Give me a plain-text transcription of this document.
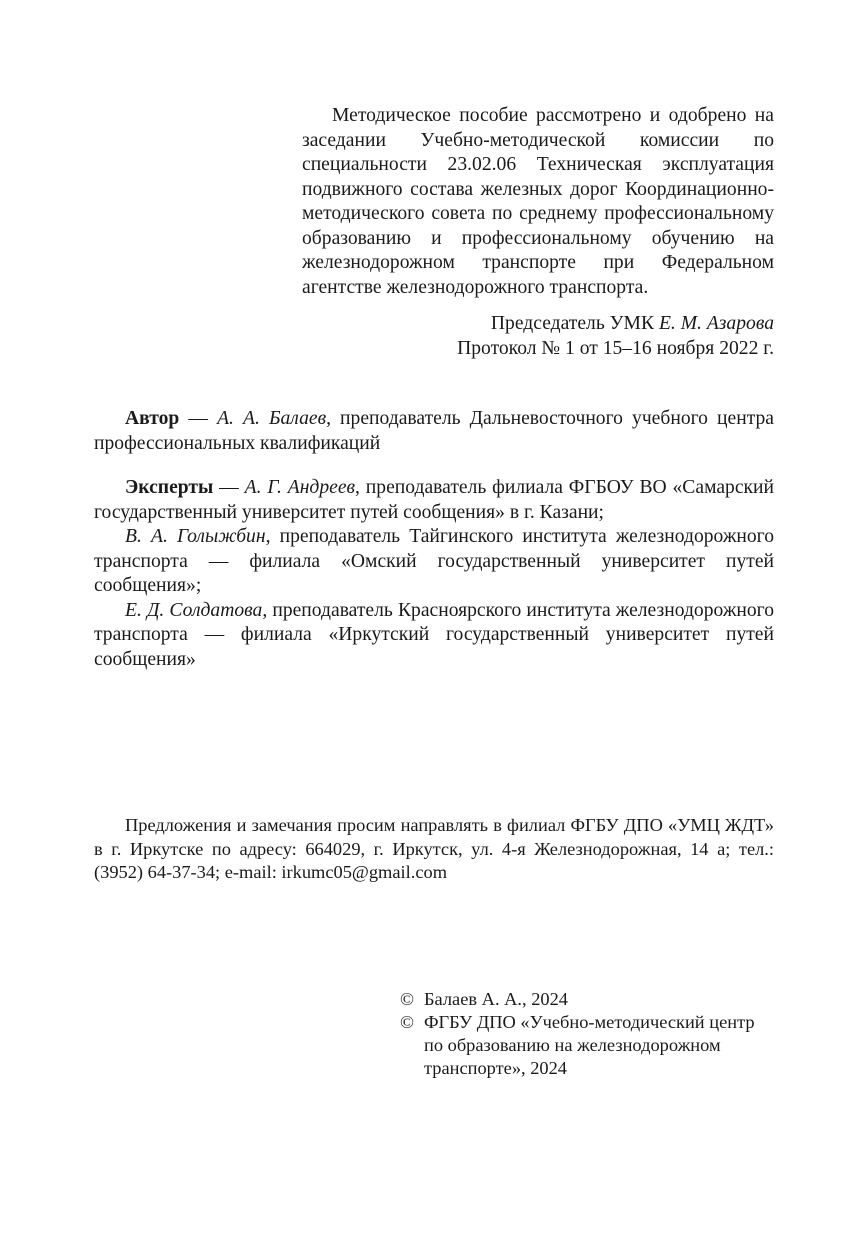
Методическое пособие рассмотрено и одобрено на заседании Учебно-методической комиссии по специальности 23.02.06 Техническая эксплуатация подвижного состава железных дорог Координационно-методического совета по среднему профессиональному образованию и профессиональному обучению на железнодорожном транспорте при Федеральном агентстве железнодорожного транспорта.
Председатель УМК Е. М. Азарова
Протокол № 1 от 15–16 ноября 2022 г.

Автор — А. А. Балаев, преподаватель Дальневосточного учебного центра профессиональных квалификаций

Эксперты — А. Г. Андреев, преподаватель филиала ФГБОУ ВО «Самарский государственный университет путей сообщения» в г. Казани;

В. А. Голыжбин, преподаватель Тайгинского института железнодорожного транспорта — филиала «Омский государственный университет путей сообщения»;

Е. Д. Солдатова, преподаватель Красноярского института железнодорожного транспорта — филиала «Иркутский государственный университет путей сообщения»

Предложения и замечания просим направлять в филиал ФГБУ ДПО «УМЦ ЖДТ» в г. Иркутске по адресу: 664029, г. Иркутск, ул. 4-я Железнодорожная, 14 а; тел.: (3952) 64-37-34; e-mail: irkumc05@gmail.com
© Балаев А. А., 2024
© ФГБУ ДПО «Учебно-методический центр по образованию на железнодорожном транспорте», 2024
